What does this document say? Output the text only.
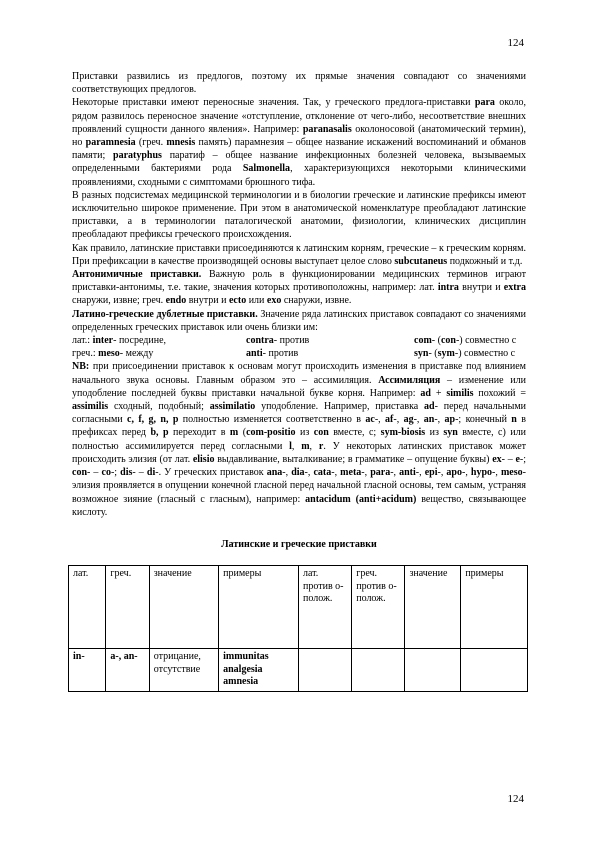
124

Приставки развились из предлогов, поэтому их прямые значения совпадают со значениями соответствующих предлогов.

Некоторые приставки имеют переносные значения. Так, у греческого предлога-приставки para около, рядом развилось переносное значение «отступление, отклонение от чего-либо, несоответствие внешних проявлений сущности данного явления». Например: paranasalis околоносовой (анатомический термин), но paramnesia (греч. mnesis память) парамнезия – общее название искажений воспоминаний и обманов памяти; paratyphus паратиф – общее название инфекционных болезней человека, вызываемых определенными бактериями рода Salmonella, характеризующихся некоторыми клиническими проявлениями, сходными с симптомами брюшного тифа.

В разных подсистемах медицинской терминологии и в биологии греческие и латинские префиксы имеют исключительно широкое применение. При этом в анатомической номенклатуре преобладают латинские приставки, а в терминологии паталогической анатомии, физиологии, клинических дисциплин преобладают префиксы греческого происхождения.

Как правило, латинские приставки присоединяются к латинским корням, греческие – к греческим корням. При префиксации в качестве производящей основы выступает целое слово subcutaneus подкожный и т.д.

Антонимичные приставки. Важную роль в функционировании медицинских терминов играют приставки-антонимы, т.е. такие, значения которых противоположны, например: лат. intra внутри и extra снаружи, извне; греч. endo внутри и ecto или exo снаружи, извне.

Латино-греческие дублетные приставки. Значение ряда латинских приставок совпадают со значениями определенных греческих приставок или очень близки им:

лат.: inter- посредине,	contra- против	com- (con-) совместно с
греч.: meso- между	anti- против	syn- (sym-) совместно с

NB: при присоединении приставок к основам могут происходить изменения в приставке под влиянием начального звука основы. Главным образом это – ассимиляция. Ассимиляция – изменение или уподобление последней буквы приставки начальной букве корня. Например: ad + similis похожий = assimilis сходный, подобный; assimilatio уподобление. Например, приставка ad- перед начальными согласными c, f, g, n, p полностью изменяется соответственно в ac-, af-, ag-, an-, ap-; конечный n в префиксах перед b, p переходит в m (com-positio из con вместе, с; sym-biosis из syn вместе, с) или полностью ассимилируется перед согласными l, m, r. У некоторых латинских приставок может происходить элизия (от лат. elisio выдавливание, выталкивание; в грамматике – опущение буквы) ex- – e-; con- – co-; dis- – di-. У греческих приставок ana-, dia-, cata-, meta-, para-, anti-, epi-, apo-, hypo-, meso- элизия проявляется в опущении конечной гласной перед начальной гласной основы, тем самым, устраняя возможное зияние (гласный с гласным), например: antacidum (anti+acidum) вещество, связывающее кислоту.

Латинские и греческие приставки
лат.	греч.	значение	примеры	лат. против о- полож.	греч. против о- полож.	значение	примеры
in-	a-, an-	отрицание, отсутствие	immunitas
analgesia
amnesia				
124
